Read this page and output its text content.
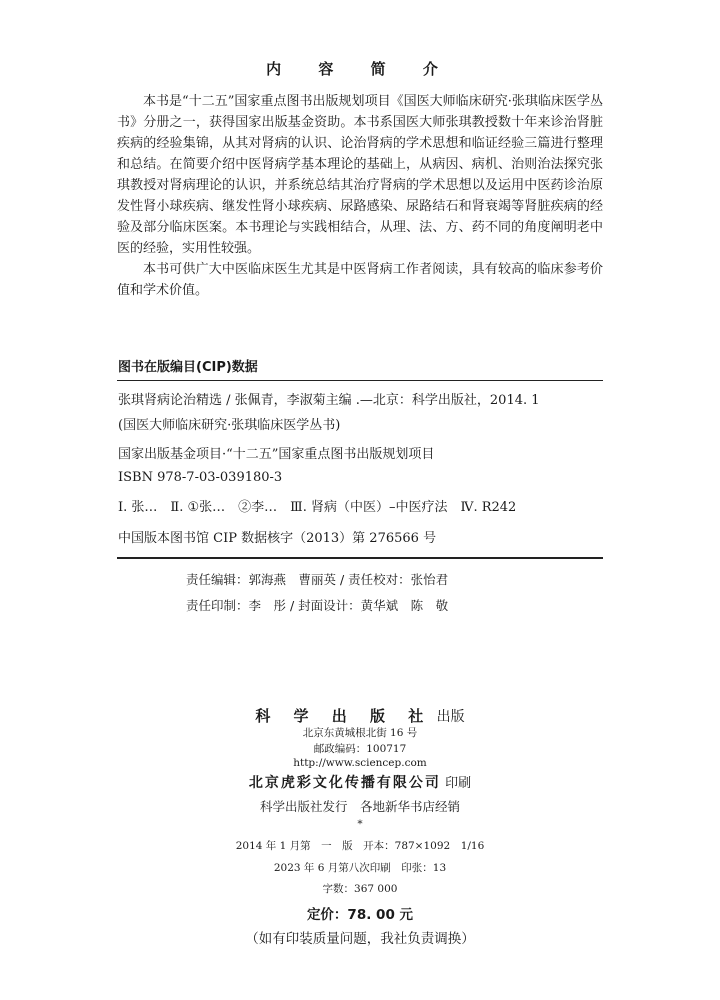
内 容 简 介

本书是“十二五”国家重点图书出版规划项目《国医大师临床研究·张琪临床医学丛书》分册之一，获得国家出版基金资助。本书系国医大师张琪教授数十年来诊治肾脏疾病的经验集锦，从其对肾病的认识、论治肾病的学术思想和临证经验三篇进行整理和总结。在简要介绍中医肾病学基本理论的基础上，从病因、病机、治则治法探究张琪教授对肾病理论的认识，并系统总结其治疗肾病的学术思想以及运用中医药诊治原发性肾小球疾病、继发性肾小球疾病、尿路感染、尿路结石和肾衰竭等肾脏疾病的经验及部分临床医案。本书理论与实践相结合，从理、法、方、药不同的角度阐明老中医的经验，实用性较强。

本书可供广大中医临床医生尤其是中医肾病工作者阅读，具有较高的临床参考价值和学术价值。

图书在版编目(CIP)数据
张琪肾病论治精选 / 张佩青，李淑菊主编 .—北京：科学出版社，2014. 1
(国医大师临床研究·张琪临床医学丛书)
国家出版基金项目·“十二五”国家重点图书出版规划项目
ISBN 978-7-03-039180-3
Ⅰ. 张…　Ⅱ. ①张…　②李…　Ⅲ. 肾病（中医）–中医疗法　Ⅳ. R242
中国版本图书馆 CIP 数据核字（2013）第 276566 号
责任编辑：郭海燕　曹丽英 / 责任校对：张怡君
责任印制：李　彤 / 封面设计：黄华斌　陈　敬
科 学 出 版 社 出版
北京东黄城根北街 16 号
邮政编码：100717
http://www.sciencep.com
北京虎彩文化传播有限公司 印刷
科学出版社发行　各地新华书店经销
*
2014 年 1 月第　一　版　开本：787×1092　1/16
2023 年 6 月第八次印刷　印张：13
字数：367 000
定价：78. 00 元
（如有印装质量问题，我社负责调换）
